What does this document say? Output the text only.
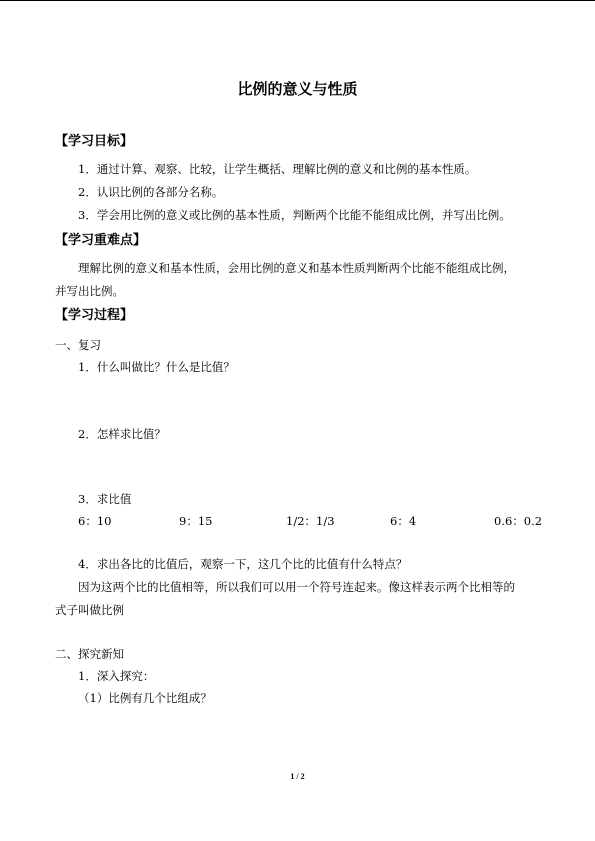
比例的意义与性质
【学习目标】
1．通过计算、观察、比较，让学生概括、理解比例的意义和比例的基本性质。
2．认识比例的各部分名称。
3．学会用比例的意义或比例的基本性质，判断两个比能不能组成比例，并写出比例。
【学习重难点】
理解比例的意义和基本性质，会用比例的意义和基本性质判断两个比能不能组成比例，
并写出比例。
【学习过程】
一、复习
1．什么叫做比？什么是比值？
2．怎样求比值？
3．求比值
6：10	9：15	1/2：1/3	6：4	0.6：0.2
4．求出各比的比值后，观察一下，这几个比的比值有什么特点？
因为这两个比的比值相等，所以我们可以用一个符号连起来。像这样表示两个比相等的
式子叫做比例
二、探究新知
1．深入探究：
（1）比例有几个比组成？
1 / 2
